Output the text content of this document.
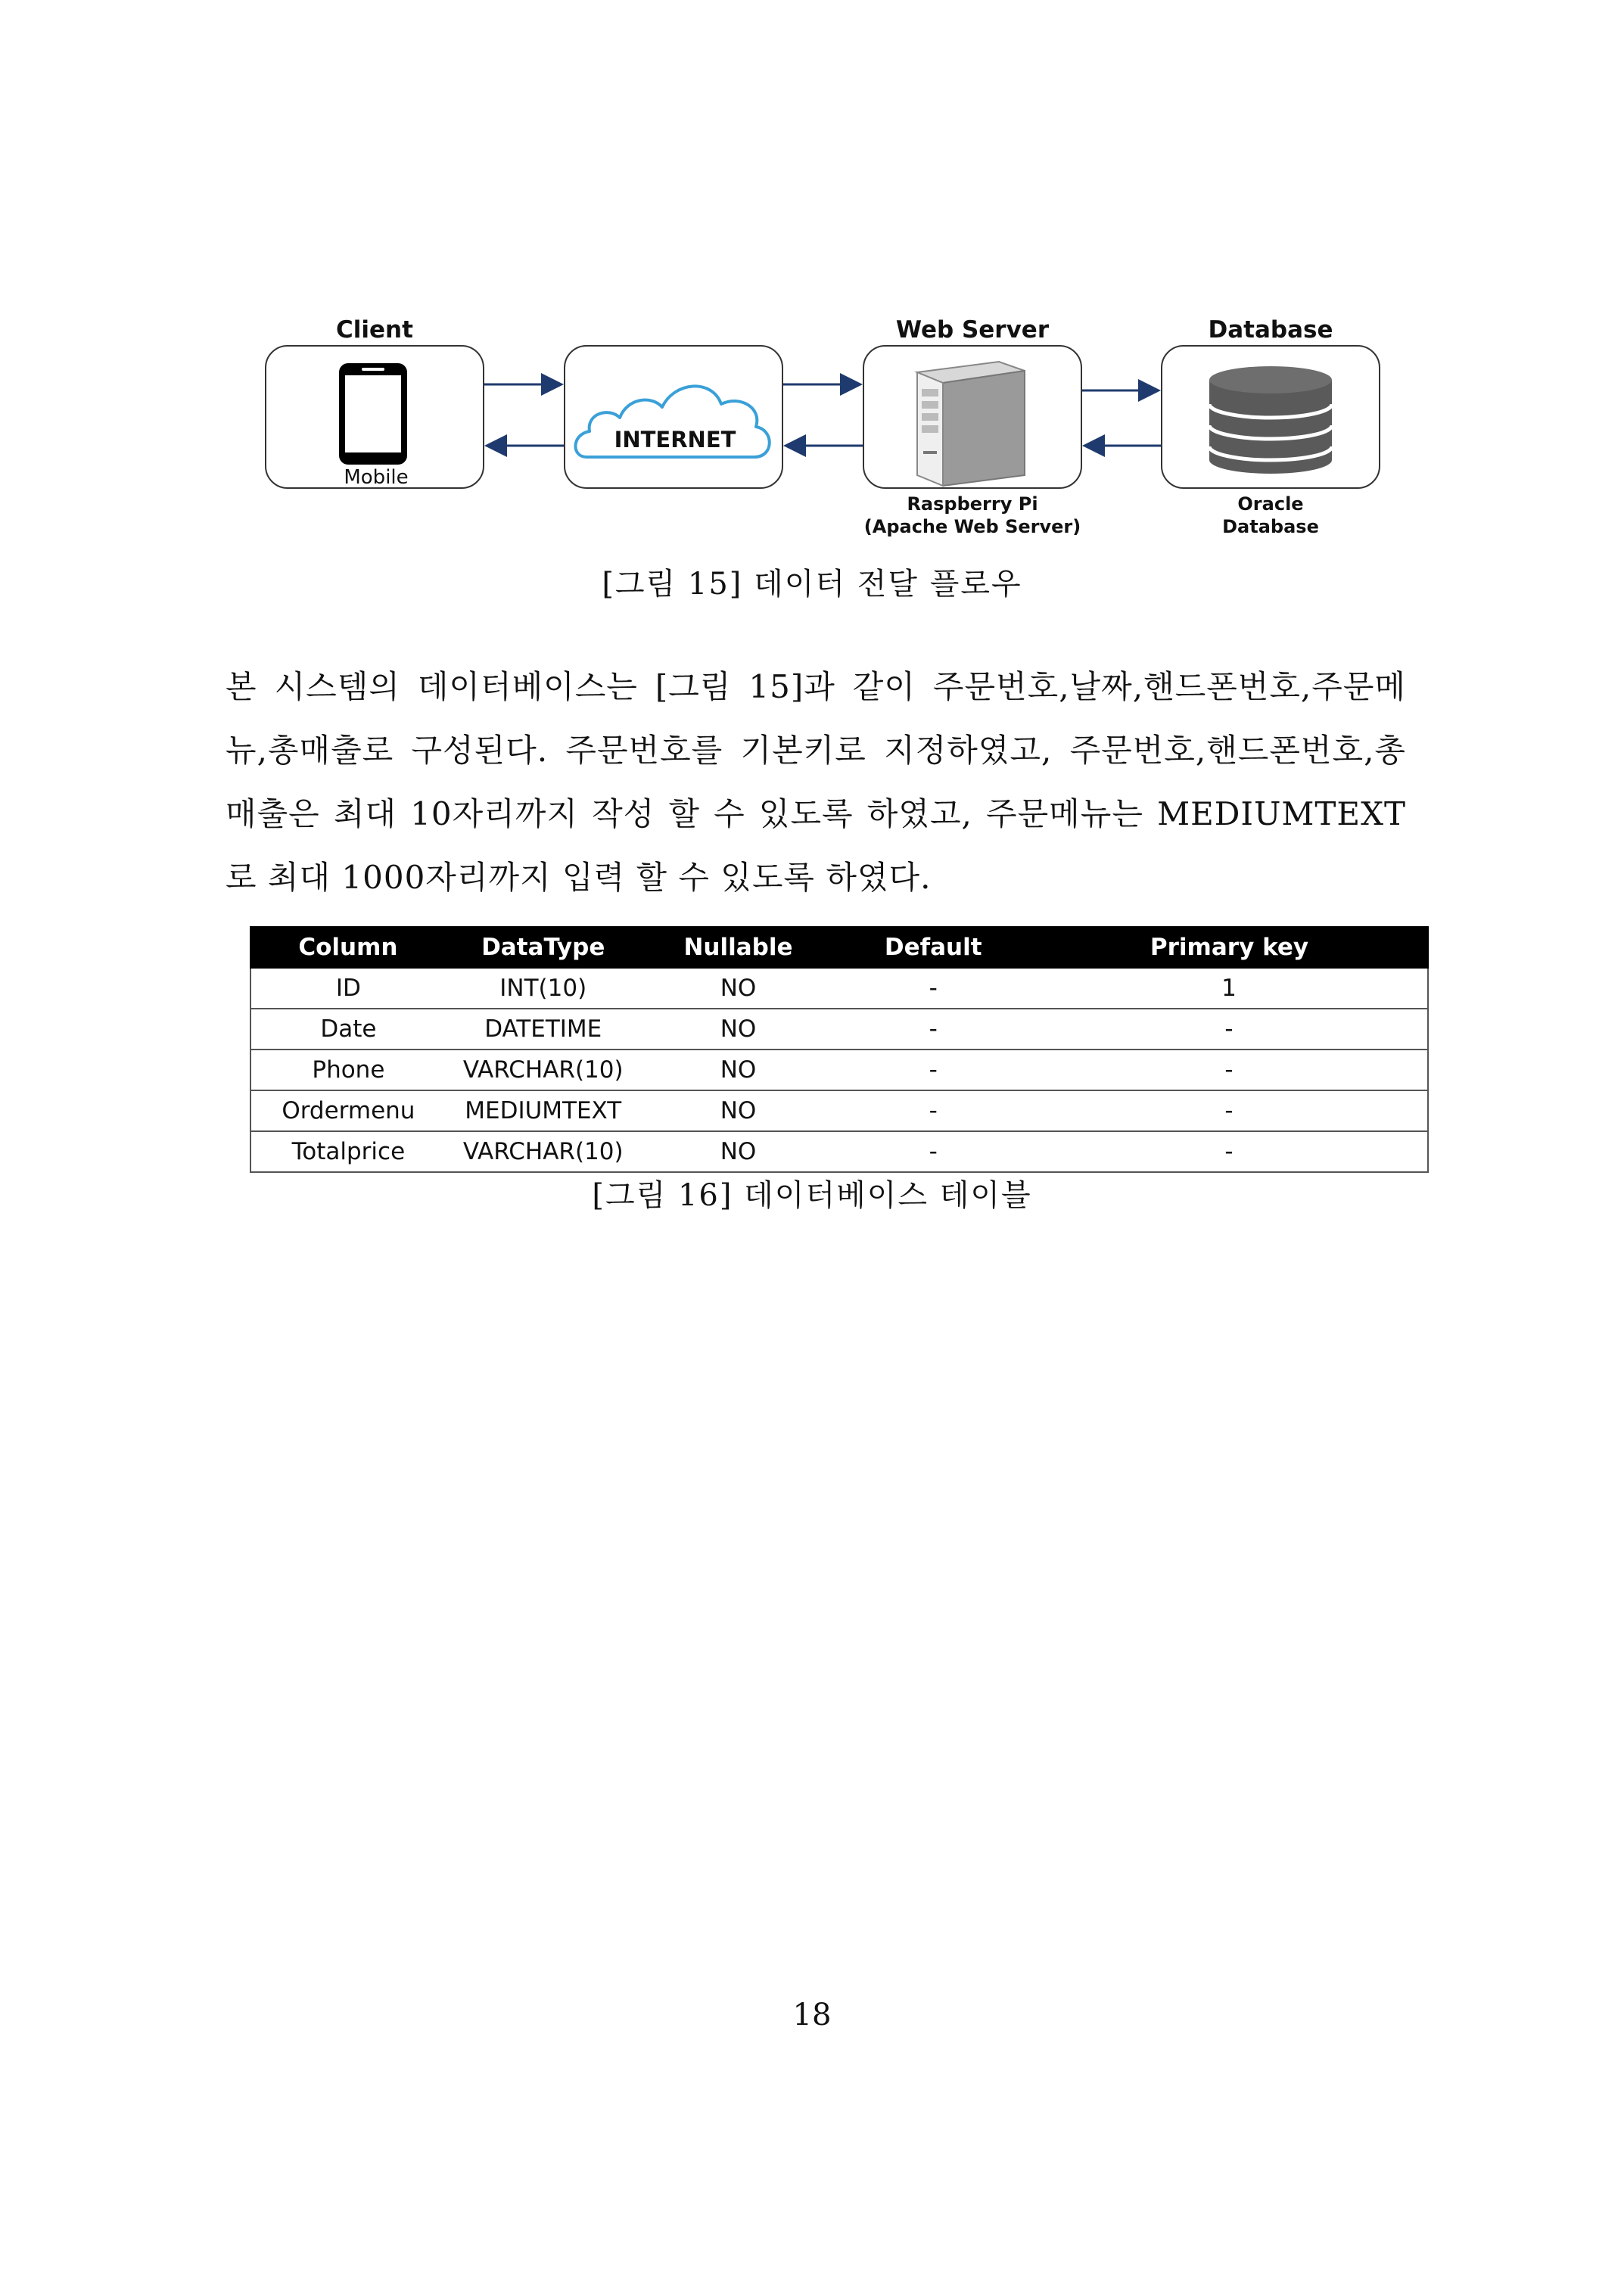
Client	Web Server	Database
Mobile
INTERNET
Raspberry Pi
(Apache Web Server)
Oracle
Database
[그림 15] 데이터 전달 플로우
본 시스템의 데이터베이스는 [그림 15]과 같이 주문번호,날짜,핸드폰번호,주문메
뉴,총매출로 구성된다. 주문번호를 기본키로 지정하였고, 주문번호,핸드폰번호,총
매출은 최대 10자리까지 작성 할 수 있도록 하였고, 주문메뉴는 MEDIUMTEXT
로 최대 1000자리까지 입력 할 수 있도록 하였다.
Column	DataType	Nullable	Default	Primary key
ID	INT(10)	NO	-	1
Date	DATETIME	NO	-	-
Phone	VARCHAR(10)	NO	-	-
Ordermenu	MEDIUMTEXT	NO	-	-
Totalprice	VARCHAR(10)	NO	-	-
[그림 16] 데이터베이스 테이블
18
